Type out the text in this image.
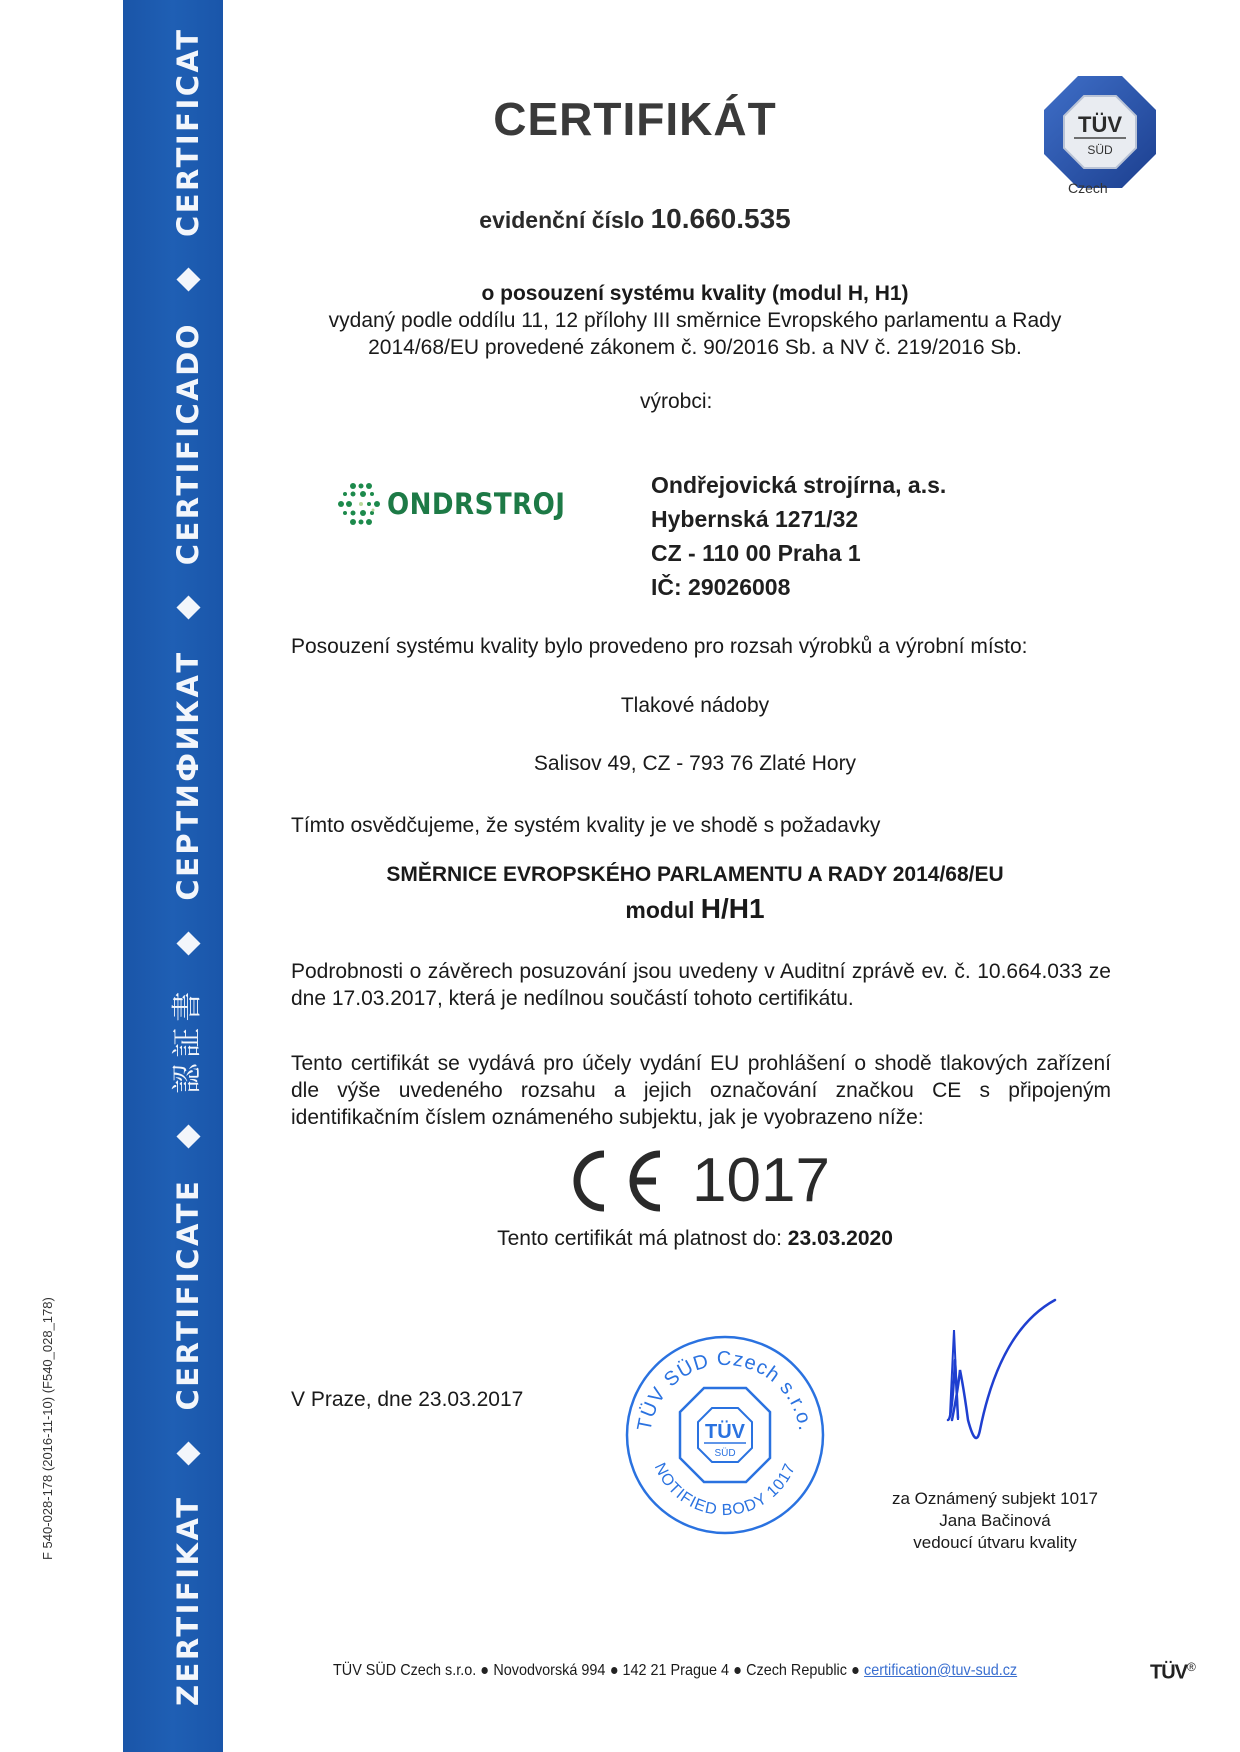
F 540-028-178 (2016-11-10) (F540_028_178)
ZERTIFIKAT
CERTIFICATE
認証書
СЕРТИФИКАТ
CERTIFICADO
CERTIFICAT	CERTIFIKÁT	TÜV
SÜD
Czech
evidenční číslo 10.660.535
o posouzení systému kvality (modul H, H1)
vydaný podle oddílu 11, 12 přílohy III směrnice Evropského parlamentu a Rady
2014/68/EU provedené zákonem č. 90/2016 Sb. a NV č. 219/2016 Sb.
výrobci:
ONDRSTROJ
Ondřejovická strojírna, a.s.
Hybernská 1271/32
CZ - 110 00 Praha 1
IČ: 29026008
Posouzení systému kvality bylo provedeno pro rozsah výrobků a výrobní místo:
Tlakové nádoby
Salisov 49, CZ - 793 76 Zlaté Hory
Tímto osvědčujeme, že systém kvality je ve shodě s požadavky
SMĚRNICE EVROPSKÉHO PARLAMENTU A RADY 2014/68/EU
modul H/H1
Podrobnosti o závěrech posuzování jsou uvedeny v Auditní zprávě ev. č. 10.664.033 ze dne 17.03.2017, která je nedílnou součástí tohoto certifikátu.
Tento certifikát se vydává pro účely vydání EU prohlášení o shodě tlakových zařízení dle výše uvedeného rozsahu a jejich označování značkou CE s připojeným identifikačním číslem oznámeného subjektu, jak je vyobrazeno níže:
CE 1017
Tento certifikát má platnost do: 23.03.2020
V Praze, dne 23.03.2017
TÜV SÜD Czech s.r.o.
NOTIFIED BODY 1017
TÜV
SÜD
za Oznámený subjekt 1017
Jana Bačinová
vedoucí útvaru kvality
TÜV SÜD Czech s.r.o. Novodvorská 994 142 21 Prague 4 Czech Republic certification@tuv-sud.cz	TÜV®
